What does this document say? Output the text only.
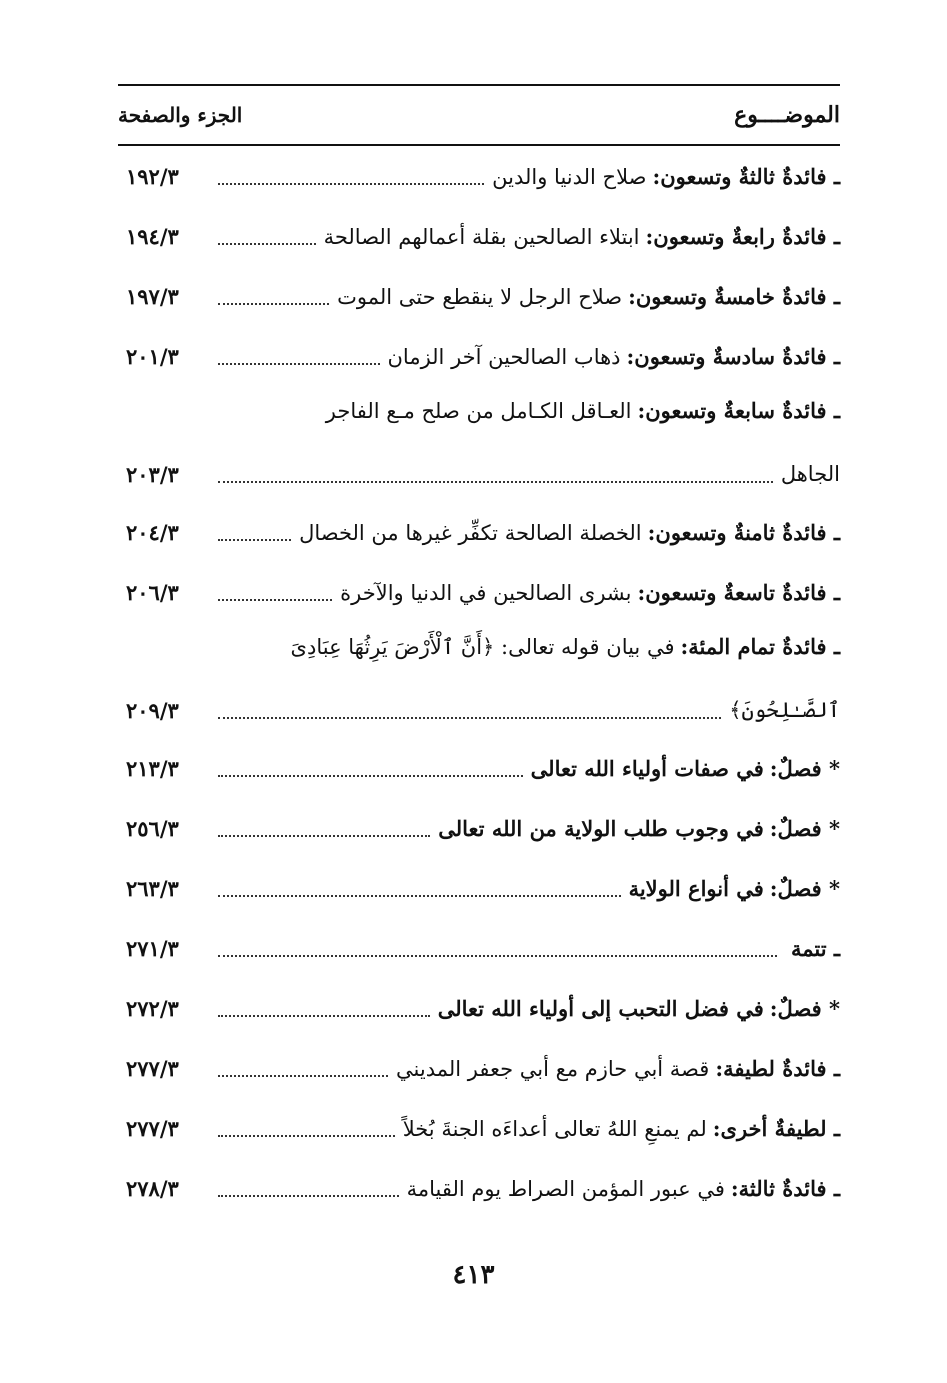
الموضــــوع
الجزء والصفحة
ـ فائدةٌ ثالثةٌ وتسعون:
صلاح الدنيا والدين
١٩٢/٣
ـ فائدةٌ رابعةٌ وتسعون:
ابتلاء الصالحين بقلة أعمالهم الصالحة
١٩٤/٣
ـ فائدةٌ خامسةٌ وتسعون:
صلاح الرجل لا ينقطع حتى الموت
١٩٧/٣
ـ فائدةٌ سادسةٌ وتسعون:
ذهاب الصالحين آخر الزمان
٢٠١/٣
ـ فائدةٌ سابعةٌ وتسعون:
العـاقل الكـامل من صلح مـع الفاجر
الجاهل
٢٠٣/٣
ـ فائدةٌ ثامنةٌ وتسعون:
الخصلة الصالحة تكفِّر غيرها من الخصال
٢٠٤/٣
ـ فائدةٌ تاسعةٌ وتسعون:
بشرى الصالحين في الدنيا والآخرة
٢٠٦/٣
ـ فائدةٌ تمام المئة:
في بيان قوله تعالى: ﴿أَنَّ ٱلْأَرْضَ يَرِثُهَا عِبَادِىَ
ٱلصَّـٰلِحُونَ﴾
٢٠٩/٣
* فصلٌ:
في صفات أولياء الله تعالى
٢١٣/٣
* فصلٌ:
في وجوب طلب الولاية من الله تعالى
٢٥٦/٣
* فصلٌ:
في أنواع الولاية
٢٦٣/٣
ـ تتمة
٢٧١/٣
* فصلٌ:
في فضل التحبب إلى أولياء الله تعالى
٢٧٢/٣
ـ فائدةٌ لطيفة:
قصة أبي حازم مع أبي جعفر المديني
٢٧٧/٣
ـ لطيفةٌ أخرى:
لم يمنعِ اللهُ تعالى أعداءَه الجنةَ بُخلاً
٢٧٧/٣
ـ فائدةٌ ثالثة:
في عبور المؤمن الصراط يوم القيامة
٢٧٨/٣
٤١٣
